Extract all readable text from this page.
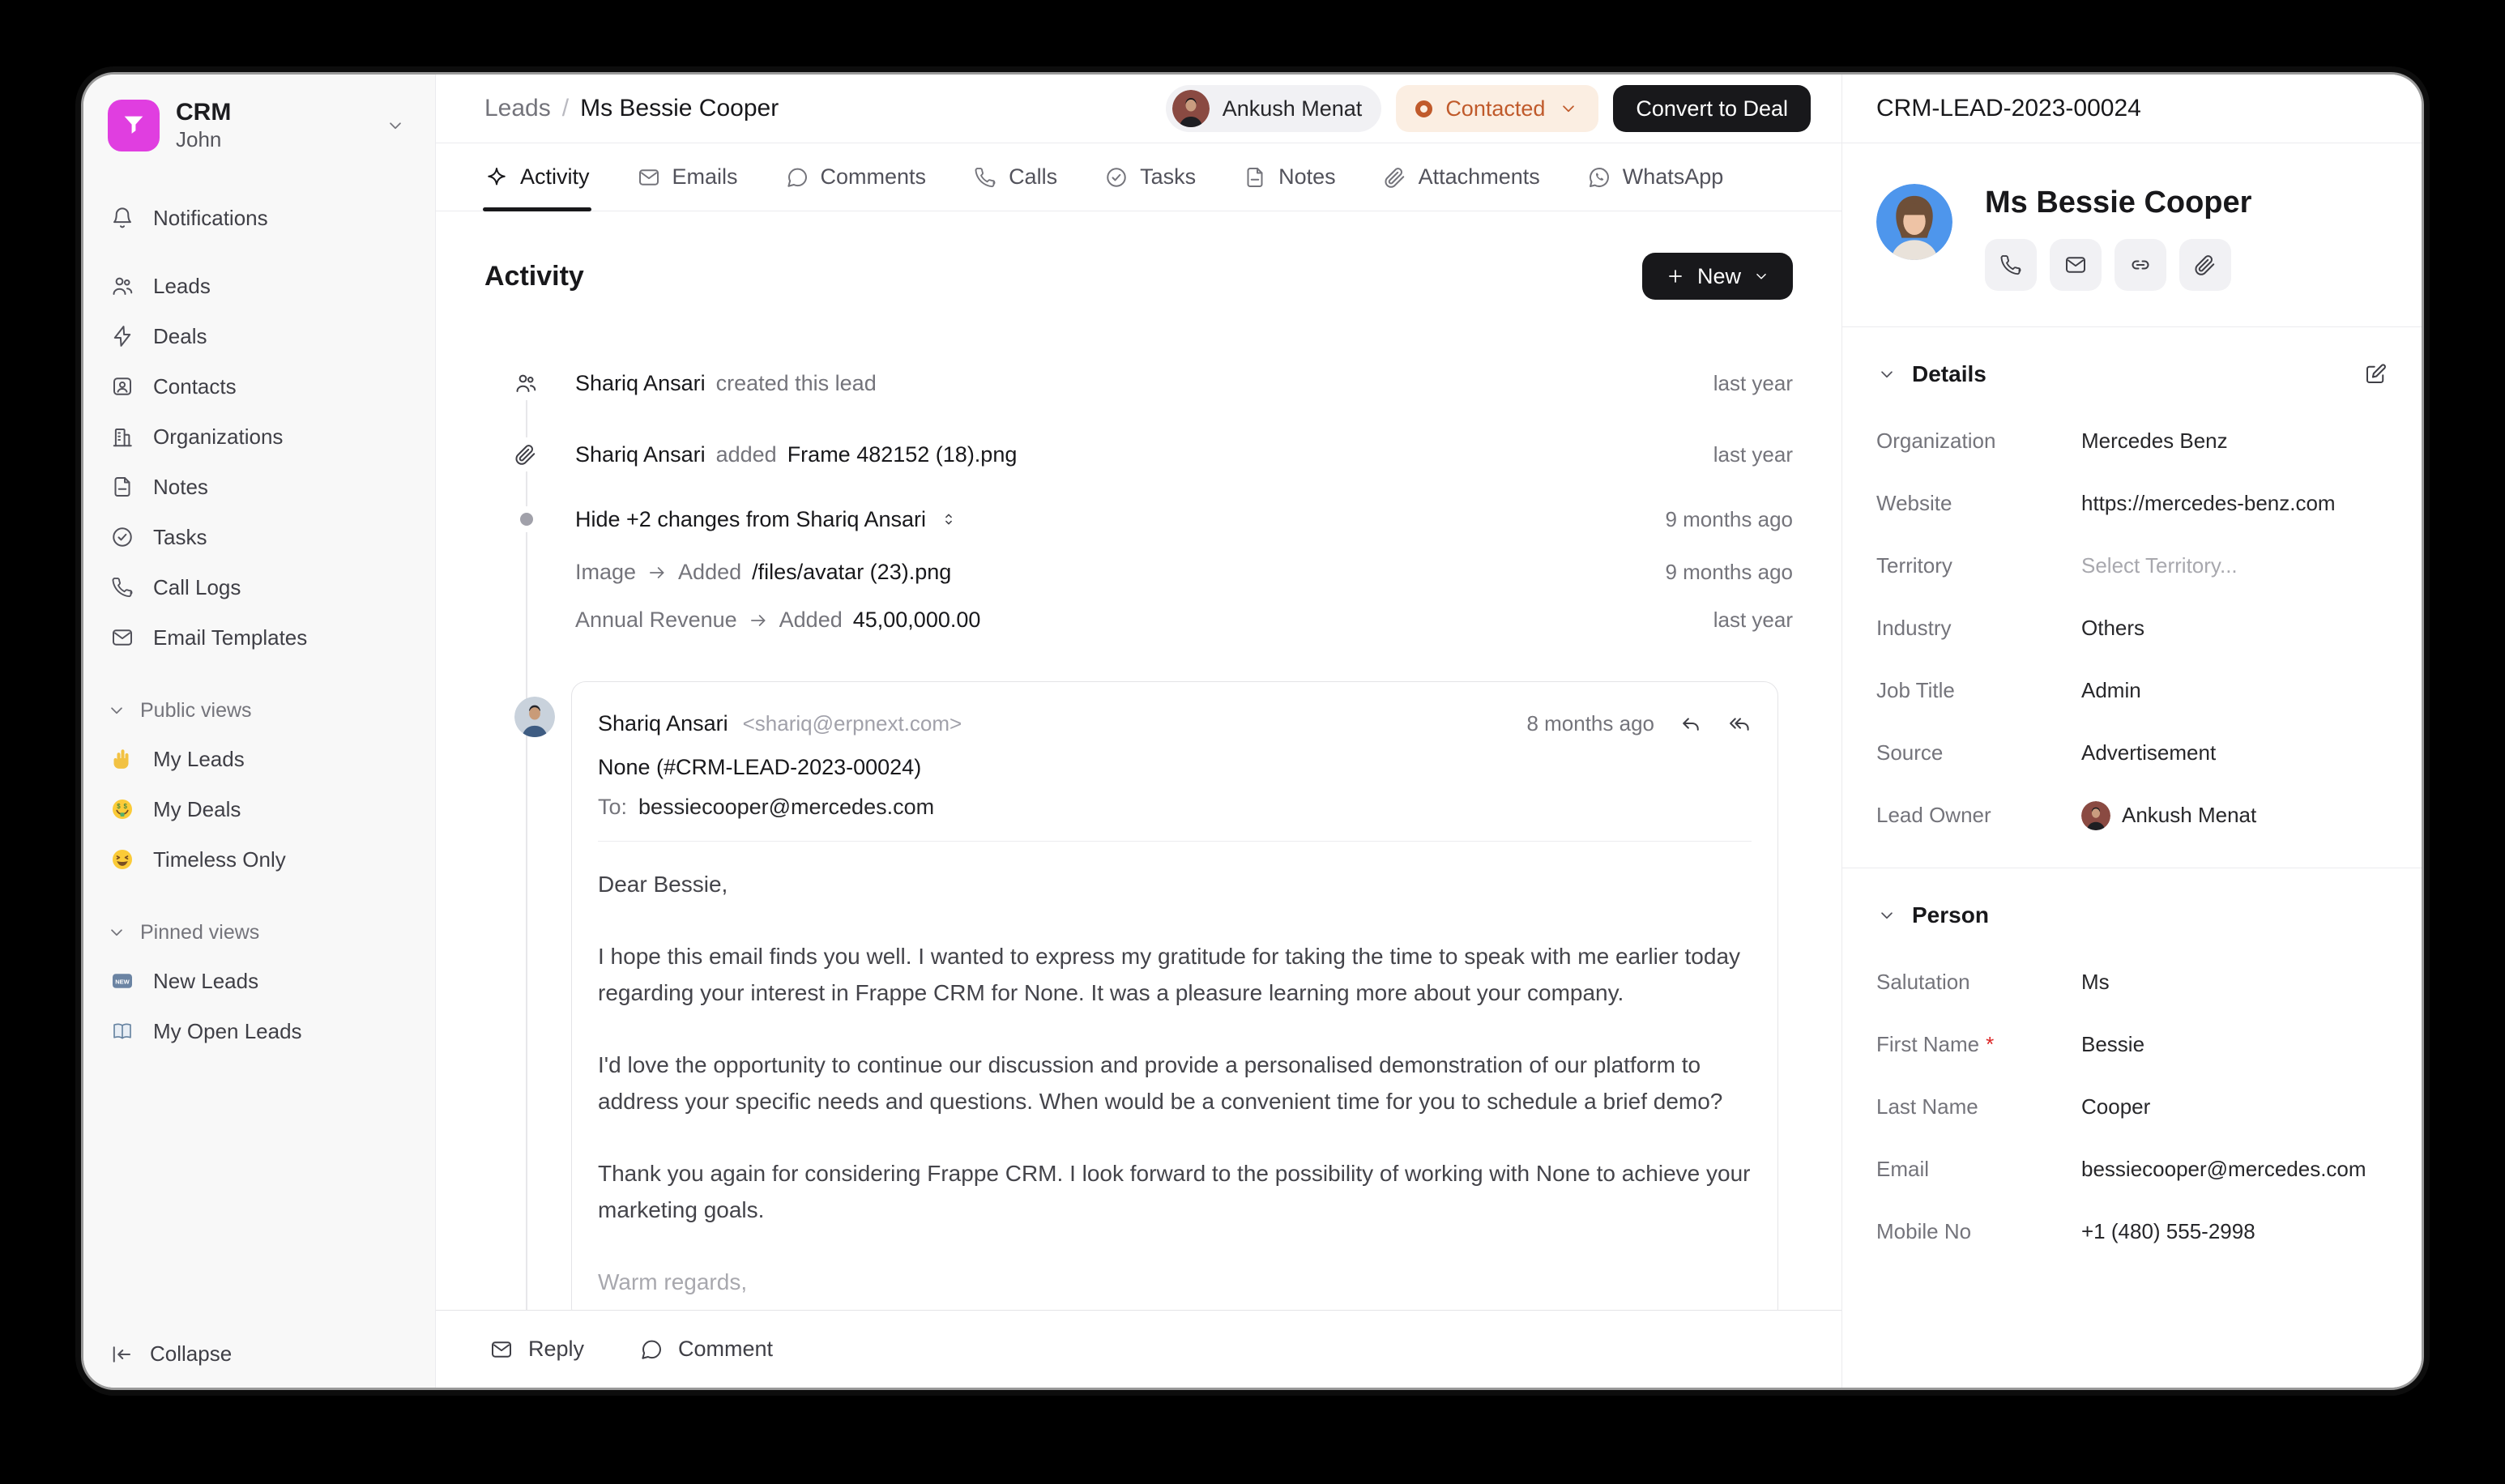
CRM
John
Notifications
Leads
Deals
Contacts
Organizations
Notes
Tasks
Call Logs
Email Templates
Public views
My Leads
My Deals
Timeless Only
Pinned views
New Leads
My Open Leads
Collapse
Leads / Ms Bessie Cooper	Ankush Menat	Contacted	Convert to Deal
Activity	Emails	Comments	Calls	Tasks	Notes	Attachments	WhatsApp
Activity	New
Shariq Ansari created this lead	last year
Shariq Ansari added Frame 482152 (18).png	last year
Hide +2 changes from Shariq Ansari	9 months ago
Image Added /files/avatar (23).png	9 months ago
Annual Revenue Added 45,00,000.00	last year
Shariq Ansari <shariq@erpnext.com>	8 months ago
None (#CRM-LEAD-2023-00024)
To: bessiecooper@mercedes.com

Dear Bessie,

I hope this email finds you well. I wanted to express my gratitude for taking the time to speak with me earlier today regarding your interest in Frappe CRM for None. It was a pleasure learning more about your company.

I'd love the opportunity to continue our discussion and provide a personalised demonstration of our platform to address your specific needs and questions. When would be a convenient time for you to schedule a brief demo?

Thank you again for considering Frappe CRM. I look forward to the possibility of working with None to achieve your marketing goals.

Warm regards,

Reply	Comment
CRM-LEAD-2023-00024
Ms Bessie Cooper
Details
Organization	Mercedes Benz
Website	https://mercedes-benz.com
Territory	Select Territory...
Industry	Others
Job Title	Admin
Source	Advertisement
Lead Owner	Ankush Menat
Person
Salutation	Ms
First Name *	Bessie
Last Name	Cooper
Email	bessiecooper@mercedes.com
Mobile No	+1 (480) 555-2998
